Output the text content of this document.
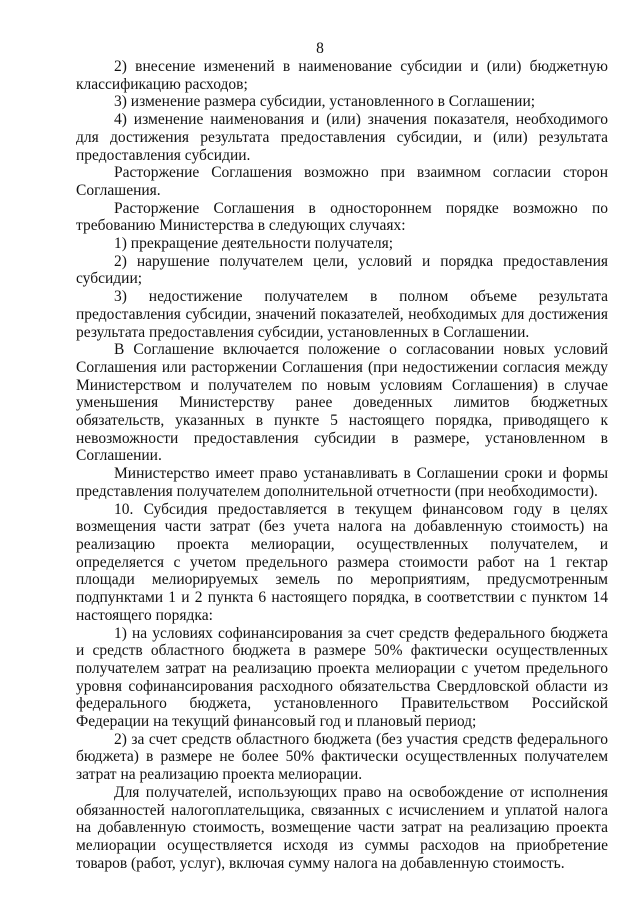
8

2) внесение изменений в наименование субсидии и (или) бюджетную классификацию расходов;

3) изменение размера субсидии, установленного в Соглашении;

4) изменение наименования и (или) значения показателя, необходимого для достижения результата предоставления субсидии, и (или) результата предоставления субсидии.

Расторжение Соглашения возможно при взаимном согласии сторон Соглашения.

Расторжение Соглашения в одностороннем порядке возможно по требованию Министерства в следующих случаях:

1) прекращение деятельности получателя;

2) нарушение получателем цели, условий и порядка предоставления субсидии;

3) недостижение получателем в полном объеме результата предоставления субсидии, значений показателей, необходимых для достижения результата предоставления субсидии, установленных в Соглашении.

В Соглашение включается положение о согласовании новых условий Соглашения или расторжении Соглашения (при недостижении согласия между Министерством и получателем по новым условиям Соглашения) в случае уменьшения Министерству ранее доведенных лимитов бюджетных обязательств, указанных в пункте 5 настоящего порядка, приводящего к невозможности предоставления субсидии в размере, установленном в Соглашении.

Министерство имеет право устанавливать в Соглашении сроки и формы представления получателем дополнительной отчетности (при необходимости).

10. Субсидия предоставляется в текущем финансовом году в целях возмещения части затрат (без учета налога на добавленную стоимость) на реализацию проекта мелиорации, осуществленных получателем, и определяется с учетом предельного размера стоимости работ на 1 гектар площади мелиорируемых земель по мероприятиям, предусмотренным подпунктами 1 и 2 пункта 6 настоящего порядка, в соответствии с пунктом 14 настоящего порядка:

1) на условиях софинансирования за счет средств федерального бюджета и средств областного бюджета в размере 50% фактически осуществленных получателем затрат на реализацию проекта мелиорации с учетом предельного уровня софинансирования расходного обязательства Свердловской области из федерального бюджета, установленного Правительством Российской Федерации на текущий финансовый год и плановый период;

2) за счет средств областного бюджета (без участия средств федерального бюджета) в размере не более 50% фактически осуществленных получателем затрат на реализацию проекта мелиорации.

Для получателей, использующих право на освобождение от исполнения обязанностей налогоплательщика, связанных с исчислением и уплатой налога на добавленную стоимость, возмещение части затрат на реализацию проекта мелиорации осуществляется исходя из суммы расходов на приобретение товаров (работ, услуг), включая сумму налога на добавленную стоимость.
